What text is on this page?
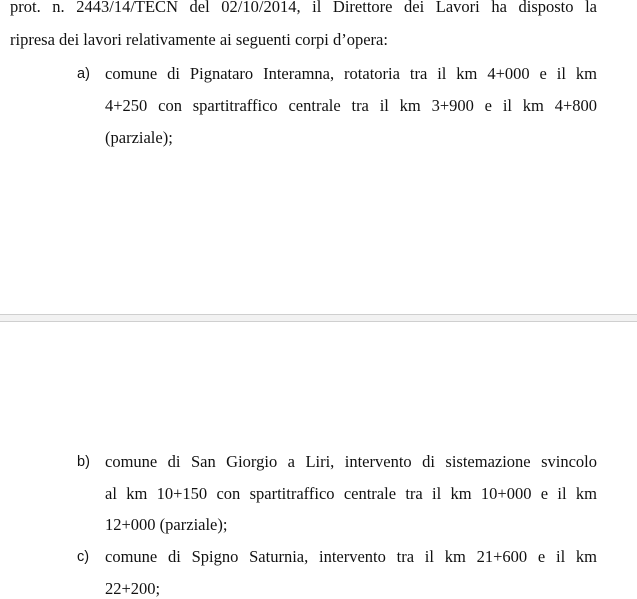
prot. n. 2443/14/TECN del 02/10/2014, il Direttore dei Lavori ha disposto la
ripresa dei lavori relativamente ai seguenti corpi d’opera:
a) comune di Pignataro Interamna, rotatoria tra il km 4+000 e il km
4+250 con spartitraffico centrale tra il km 3+900 e il km 4+800
(parziale);
b) comune di San Giorgio a Liri, intervento di sistemazione svincolo
al km 10+150 con spartitraffico centrale tra il km 10+000 e il km
12+000 (parziale);
c) comune di Spigno Saturnia, intervento tra il km 21+600 e il km
22+200;
